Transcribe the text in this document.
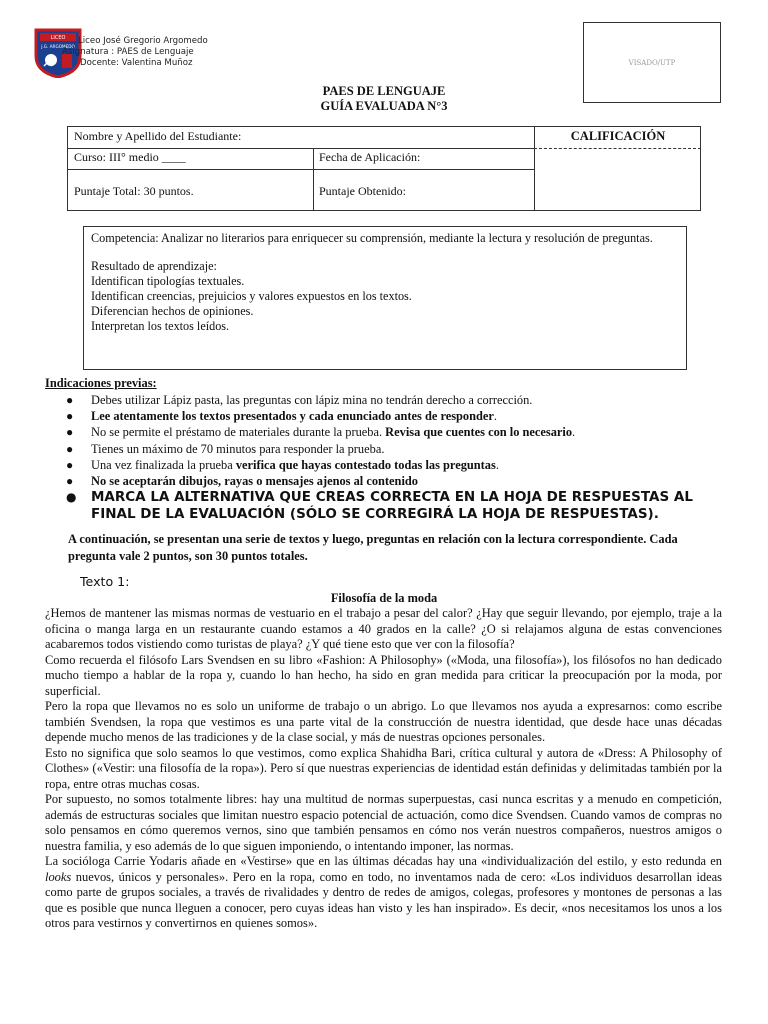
LICEO
J.G. ARGOMEDO
Liceo José Gregorio Argomedo
Asignatura : PAES de Lenguaje
Docente: Valentina Muñoz	VISADO/UTP
PAES DE LENGUAJE
GUÍA EVALUADA N°3
Nombre y Apellido del Estudiante:	CALIFICACIÓN
Curso: III° medio ____	Fecha de Aplicación:
Puntaje Total: 30 puntos.	Puntaje Obtenido:

Competencia: Analizar no literarios para enriquecer su comprensión, mediante la lectura y resolución de preguntas.

Resultado de aprendizaje:

Identifican tipologías textuales.

Identifican creencias, prejuicios y valores expuestos en los textos.

Diferencian hechos de opiniones.

Interpretan los textos leídos.

Indicaciones previas:
● Debes utilizar Lápiz pasta, las preguntas con lápiz mina no tendrán derecho a corrección.
● Lee atentamente los textos presentados y cada enunciado antes de responder.
● No se permite el préstamo de materiales durante la prueba. Revisa que cuentes con lo necesario.
● Tienes un máximo de 70 minutos para responder la prueba.
● Una vez finalizada la prueba verifica que hayas contestado todas las preguntas.
● No se aceptarán dibujos, rayas o mensajes ajenos al contenido
● MARCA LA ALTERNATIVA QUE CREAS CORRECTA EN LA HOJA DE RESPUESTAS AL FINAL DE LA EVALUACIÓN (SÓLO SE CORREGIRÁ LA HOJA DE RESPUESTAS).
A continuación, se presentan una serie de textos y luego, preguntas en relación con la lectura correspondiente. Cada pregunta vale 2 puntos, son 30 puntos totales.
Texto 1:
Filosofía de la moda

¿Hemos de mantener las mismas normas de vestuario en el trabajo a pesar del calor? ¿Hay que seguir llevando, por ejemplo, traje a la oficina o manga larga en un restaurante cuando estamos a 40 grados en la calle? ¿O si relajamos alguna de estas convenciones acabaremos todos vistiendo como turistas de playa? ¿Y qué tiene esto que ver con la filosofía?

Como recuerda el filósofo Lars Svendsen en su libro «Fashion: A Philosophy» («Moda, una filosofía»), los filósofos no han dedicado mucho tiempo a hablar de la ropa y, cuando lo han hecho, ha sido en gran medida para criticar la preocupación por la moda, por superficial.

Pero la ropa que llevamos no es solo un uniforme de trabajo o un abrigo. Lo que llevamos nos ayuda a expresarnos: como escribe también Svendsen, la ropa que vestimos es una parte vital de la construcción de nuestra identidad, que desde hace unas décadas depende mucho menos de las tradiciones y de la clase social, y más de nuestras opciones personales.

Esto no significa que solo seamos lo que vestimos, como explica Shahidha Bari, crítica cultural y autora de «Dress: A Philosophy of Clothes» («Vestir: una filosofía de la ropa»). Pero sí que nuestras experiencias de identidad están definidas y delimitadas también por la ropa, entre otras muchas cosas.

Por supuesto, no somos totalmente libres: hay una multitud de normas superpuestas, casi nunca escritas y a menudo en competición, además de estructuras sociales que limitan nuestro espacio potencial de actuación, como dice Svendsen. Cuando vamos de compras no solo pensamos en cómo queremos vernos, sino que también pensamos en cómo nos verán nuestros compañeros, nuestros amigos o nuestra familia, y eso además de lo que siguen imponiendo, o intentando imponer, las normas.

La socióloga Carrie Yodaris añade en «Vestirse» que en las últimas décadas hay una «individualización del estilo, y esto redunda en looks nuevos, únicos y personales». Pero en la ropa, como en todo, no inventamos nada de cero: «Los individuos desarrollan ideas como parte de grupos sociales, a través de rivalidades y dentro de redes de amigos, colegas, profesores y montones de personas a las que es posible que nunca lleguen a conocer, pero cuyas ideas han visto y les han inspirado». Es decir, «nos necesitamos los unos a los otros para vestirnos y convertirnos en quienes somos».
